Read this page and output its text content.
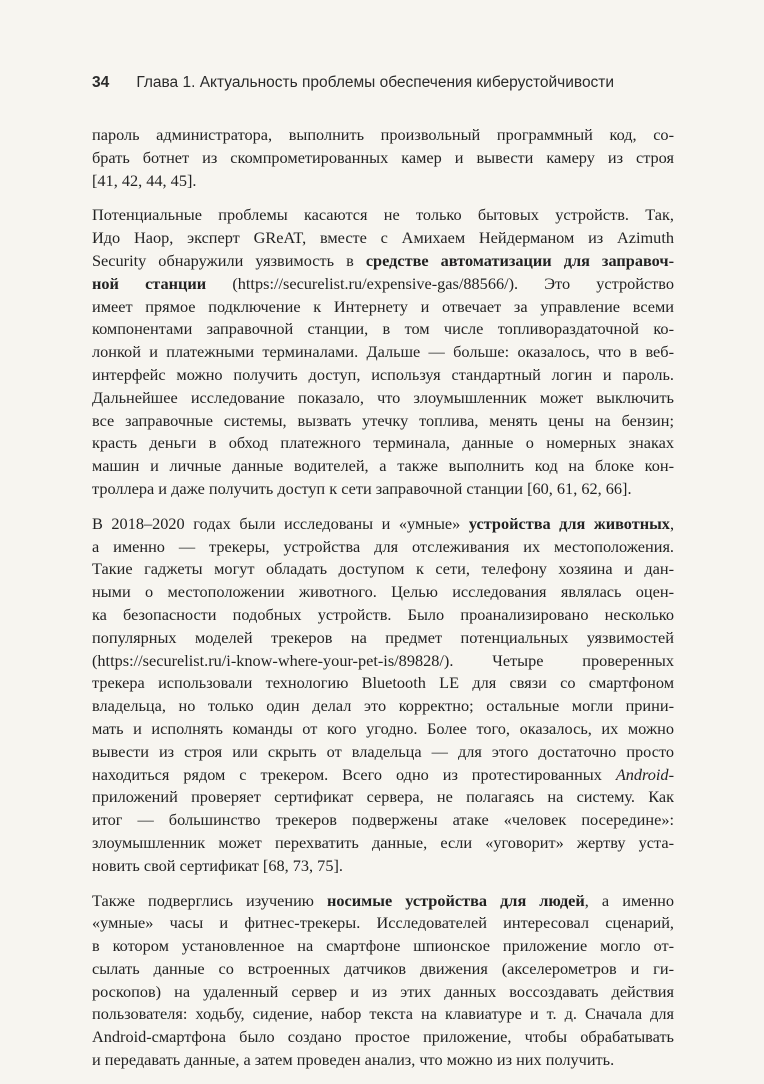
34 Глава 1. Актуальность проблемы обеспечения киберустойчивости
пароль администратора, выполнить произвольный программный код, со-
брать ботнет из скомпрометированных камер и вывести камеру из строя
[41, 42, 44, 45].
Потенциальные проблемы касаются не только бытовых устройств. Так,
Идо Наор, эксперт GReAT, вместе с Амихаем Нейдерманом из Azimuth
Security обнаружили уязвимость в средстве автоматизации для заправоч-
ной станции (https://securelist.ru/expensive-gas/88566/). Это устройство
имеет прямое подключение к Интернету и отвечает за управление всеми
компонентами заправочной станции, в том числе топливораздаточной ко-
лонкой и платежными терминалами. Дальше — больше: оказалось, что в веб-
интерфейс можно получить доступ, используя стандартный логин и пароль.
Дальнейшее исследование показало, что злоумышленник может выключить
все заправочные системы, вызвать утечку топлива, менять цены на бензин;
красть деньги в обход платежного терминала, данные о номерных знаках
машин и личные данные водителей, а также выполнить код на блоке кон-
троллера и даже получить доступ к сети заправочной станции [60, 61, 62, 66].
В 2018–2020 годах были исследованы и «умные» устройства для животных,
а именно — трекеры, устройства для отслеживания их местоположения.
Такие гаджеты могут обладать доступом к сети, телефону хозяина и дан-
ными о местоположении животного. Целью исследования являлась оцен-
ка безопасности подобных устройств. Было проанализировано несколько
популярных моделей трекеров на предмет потенциальных уязвимостей
(https://securelist.ru/i-know-where-your-pet-is/89828/). Четыре проверенных
трекера использовали технологию Bluetooth LE для связи со смартфоном
владельца, но только один делал это корректно; остальные могли прини-
мать и исполнять команды от кого угодно. Более того, оказалось, их можно
вывести из строя или скрыть от владельца — для этого достаточно просто
находиться рядом с трекером. Всего одно из протестированных Android-
приложений проверяет сертификат сервера, не полагаясь на систему. Как
итог — большинство трекеров подвержены атаке «человек посередине»:
злоумышленник может перехватить данные, если «уговорит» жертву уста-
новить свой сертификат [68, 73, 75].
Также подверглись изучению носимые устройства для людей, а именно
«умные» часы и фитнес-трекеры. Исследователей интересовал сценарий,
в котором установленное на смартфоне шпионское приложение могло от-
сылать данные со встроенных датчиков движения (акселерометров и ги-
роскопов) на удаленный сервер и из этих данных воссоздавать действия
пользователя: ходьбу, сидение, набор текста на клавиатуре и т. д. Сначала для
Android-смартфона было создано простое приложение, чтобы обрабатывать
и передавать данные, а затем проведен анализ, что можно из них получить.
